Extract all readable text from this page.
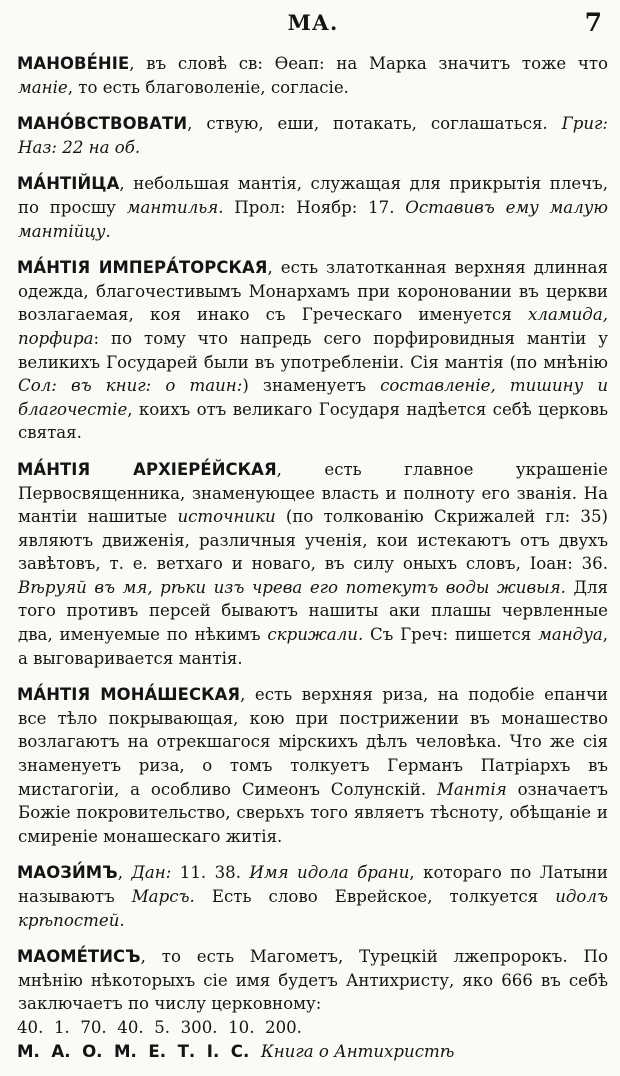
МА.	7

МАНОВЕ́НІЕ, въ словѣ св: Ѳеап: на Марка значитъ тоже что маніе, то есть благоволеніе, согласіе.

МАНО́ВСТВОВАТИ, ствую, еши, потакать, соглашаться. Григ: Наз: 22 на об.

МА́НТІЙЦА, небольшая мантія, служащая для прикрытія плечъ, по просшу мантилья. Прол: Ноябр: 17. Оставивъ ему малую мантійцу.

МА́НТІЯ ИМПЕРА́ТОРСКАЯ, есть златотканная верхняя длинная одежда, благочестивымъ Монархамъ при короновании въ церкви возлагаемая, коя инако съ Греческаго именуется хламида, порфира: по тому что напредь сего порфировидныя мантіи у великихъ Государей были въ употребленіи. Сія мантія (по мнѣнію Сол: въ книг: о таин:) знаменуетъ составленіе, тишину и благочестіе, коихъ отъ великаго Государя надѣется себѣ церковь святая.

МА́НТІЯ АРХІЕРЕ́ЙСКАЯ, есть главное украшеніе Первосвященника, знаменующее власть и полноту его званія. На мантіи нашитые источники (по толкованію Скрижалей гл: 35) являютъ движенія, различныя ученія, кои истекаютъ отъ двухъ завѣтовъ, т. е. ветхаго и новаго, въ силу оныхъ словъ, Іоан: 36. Вѣруяй въ мя, рѣки изъ чрева его потекутъ воды живыя. Для того противъ персей бываютъ нашиты аки плашы червленные два, именуемые по нѣкимъ скрижали. Съ Греч: пишется мандуа, а выговаривается мантія.

МА́НТІЯ МОНА́ШЕСКАЯ, есть верхняя риза, на подобіе епанчи все тѣло покрывающая, кою при пострижении въ монашество возлагаютъ на отрекшагося мірскихъ дѣлъ человѣка. Что же сія знаменуетъ риза, о томъ толкуетъ Германъ Патріархъ въ мистагогіи, а особливо Симеонъ Солунскій. Мантія означаетъ Божіе покровительство, сверьхъ того являетъ тѣсноту, обѣщаніе и смиреніе монашескаго житія.

МАОЗИ́МЪ, Дан: 11. 38. Имя идола брани, котораго по Латыни называютъ Марсъ. Есть слово Еврейское, толкуется идолъ крѣпостей.

МАОМЕ́ТИСЪ, то есть Магометъ, Турецкій лжепророкъ. По мнѣнію нѣкоторыхъ сіе имя будетъ Антихристу, яко 666 въ себѣ заключаетъ по числу церковному:
40.  1.  70.  40.  5.  300.  10.  200.
М.  А.  О.  М.  Е.  Т.  І.  С. Книга о Антихристѣ
